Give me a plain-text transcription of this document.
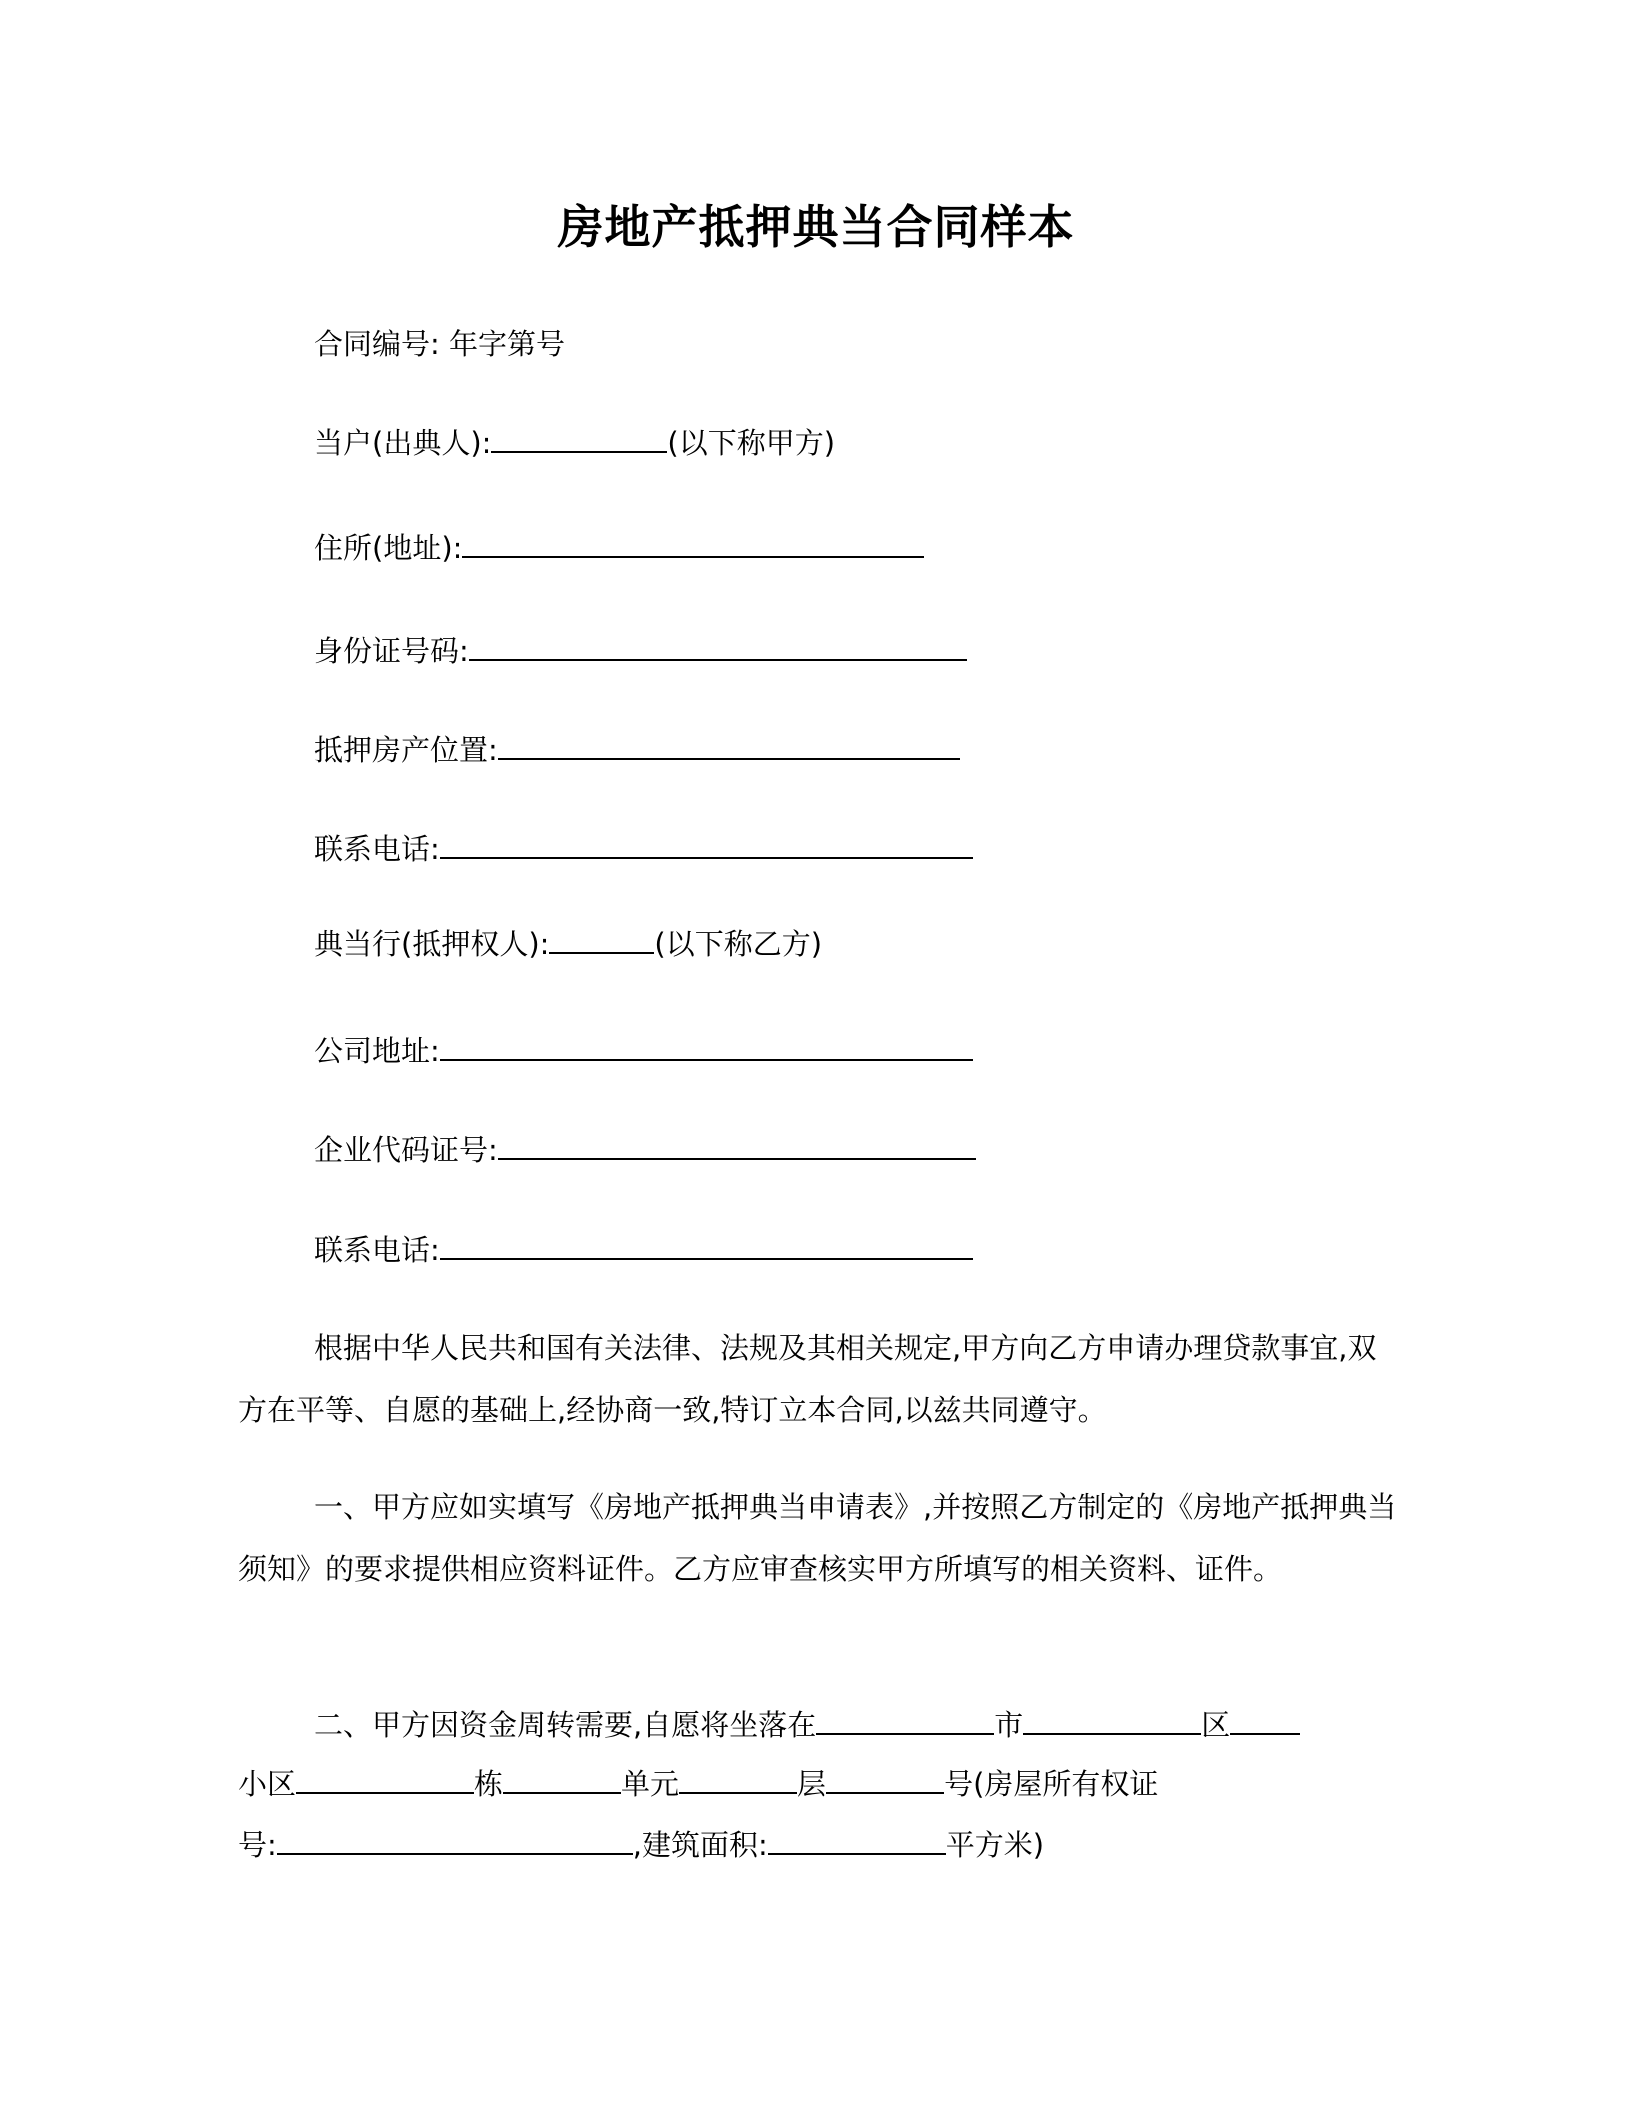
房地产抵押典当合同样本
合同编号: 年字第号
当户(出典人):	(以下称甲方)
住所(地址):
身份证号码:
抵押房产位置:
联系电话:
典当行(抵押权人):	(以下称乙方)
公司地址:
企业代码证号:
联系电话:
根据中华人民共和国有关法律、法规及其相关规定,甲方向乙方申请办理贷款事宜,双方在平等、自愿的基础上,经协商一致,特订立本合同,以兹共同遵守。
一、甲方应如实填写《房地产抵押典当申请表》,并按照乙方制定的《房地产抵押典当须知》的要求提供相应资料证件。乙方应审查核实甲方所填写的相关资料、证件。
二、甲方因资金周转需要,自愿将坐落在	市	区
小区	栋	单元	层	号(房屋所有权证
号:	,建筑面积:	平方米)
